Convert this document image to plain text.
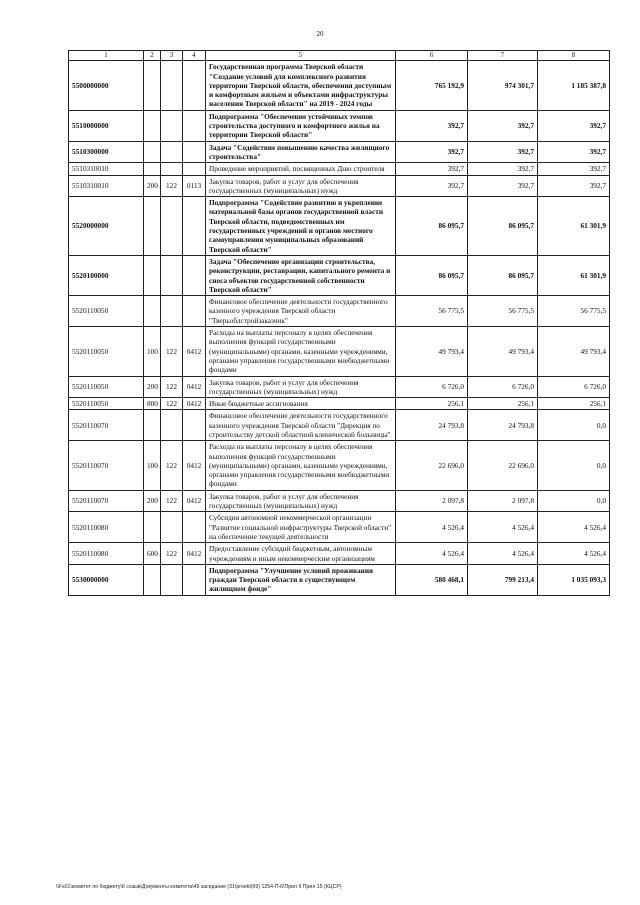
20
1	2	3	4	5	6	7	8
5500000000				Государственная программа Тверской области "Создание условий для комплексного развития территории Тверской области, обеспечения доступным и комфортным жильем и объектами инфраструктуры населения Тверской области" на 2019 - 2024 годы	765 192,9	974 301,7	1 185 387,8
5510000000				Подпрограмма "Обеспечение устойчивых темпов строительства доступного и комфортного жилья на территории Тверской области"	392,7	392,7	392,7
5510300000				Задача "Содействие повышению качества жилищного строительства"	392,7	392,7	392,7
5510310010				Проведение мероприятий, посвященных Дню строителя	392,7	392,7	392,7
5510310010	200	122	0113	Закупка товаров, работ и услуг для обеспечения государственных (муниципальных) нужд	392,7	392,7	392,7
5520000000				Подпрограмма "Содействие развитию и укрепление материальной базы органов государственной власти Тверской области, подведомственных им государственных учреждений и органов местного самоуправления муниципальных образований Тверской области"	86 095,7	86 095,7	61 301,9
5520100000				Задача "Обеспечение организации строительства, реконструкции, реставрации, капитального ремонта и сноса объектов государственной собственности Тверской области"	86 095,7	86 095,7	61 301,9
5520110050				Финансовое обеспечение деятельности государственного казенного учреждения Тверской области "Тверьоблстройзаказчик"	56 775,5	56 775,5	56 775,5
5520110050	100	122	0412	Расходы на выплаты персоналу в целях обеспечения выполнения функций государственными (муниципальными) органами, казенными учреждениями, органами управления государственными внебюджетными фондами	49 793,4	49 793,4	49 793,4
5520110050	200	122	0412	Закупка товаров, работ и услуг для обеспечения государственных (муниципальных) нужд	6 726,0	6 726,0	6 726,0
5520110050	800	122	0412	Иные бюджетные ассигнования	256,1	256,1	256,1
5520110070				Финансовое обеспечение деятельности государственного казенного учреждения Тверской области "Дирекция по строительству детской областной клинической больницы"	24 793,8	24 793,8	0,0
5520110070	100	122	0412	Расходы на выплаты персоналу в целях обеспечения выполнения функций государственными (муниципальными) органами, казенными учреждениями, органами управления государственными внебюджетными фондами	22 696,0	22 696,0	0,0
5520110070	200	122	0412	Закупка товаров, работ и услуг для обеспечения государственных (муниципальных) нужд	2 097,8	2 097,8	0,0
5520110080				Субсидия автономной некоммерческой организации "Развитие социальной инфраструктуры Тверской области" на обеспечение текущей деятельности	4 526,4	4 526,4	4 526,4
5520110080	600	122	0412	Предоставление субсидий бюджетным, автономным учреждениям и иным некоммерческим организациям	4 526,4	4 526,4	4 526,4
5530000000				Подпрограмма "Улучшение условий проживания граждан Тверской области в существующем жилищном фонде"	580 468,1	799 213,4	1 035 093,3
\\Fs01\комитет по бюджету\6 созыв\Документы комитета\49 заседание (31\proekt(69) 1254-П-6\Прил 9 Прил 15 (КЦСР)
